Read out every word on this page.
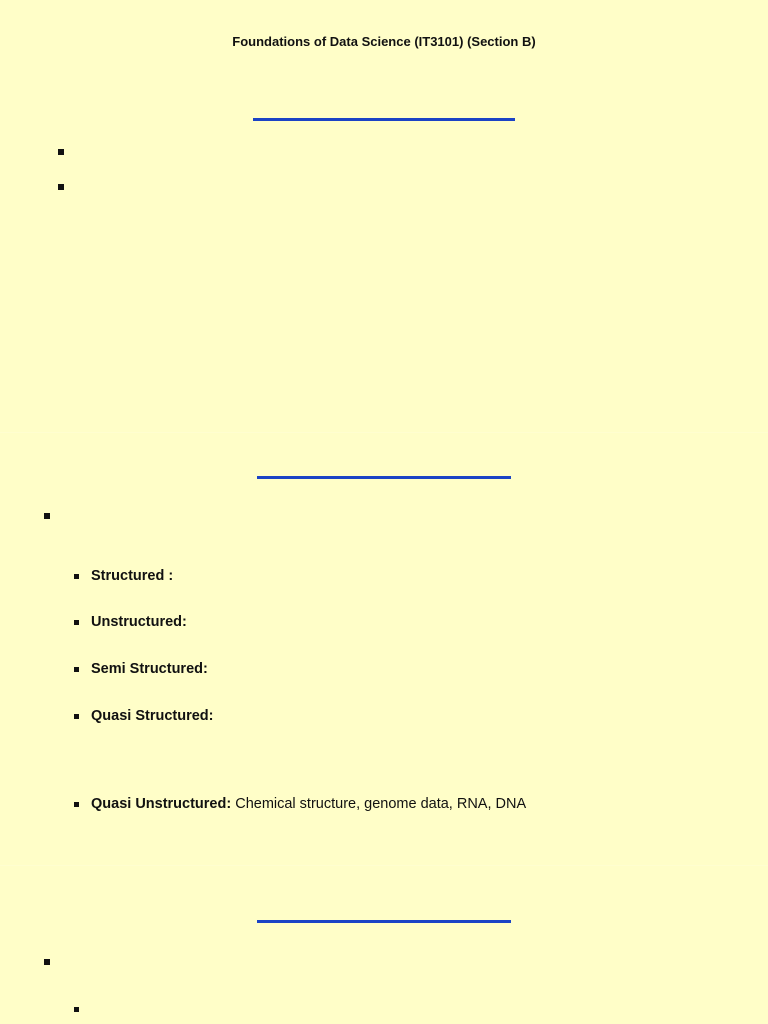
Foundations of Data Science (IT3101) (Section B)
Structured :
Unstructured:
Semi Structured:
Quasi Structured:
Quasi Unstructured: Chemical structure, genome data, RNA, DNA
